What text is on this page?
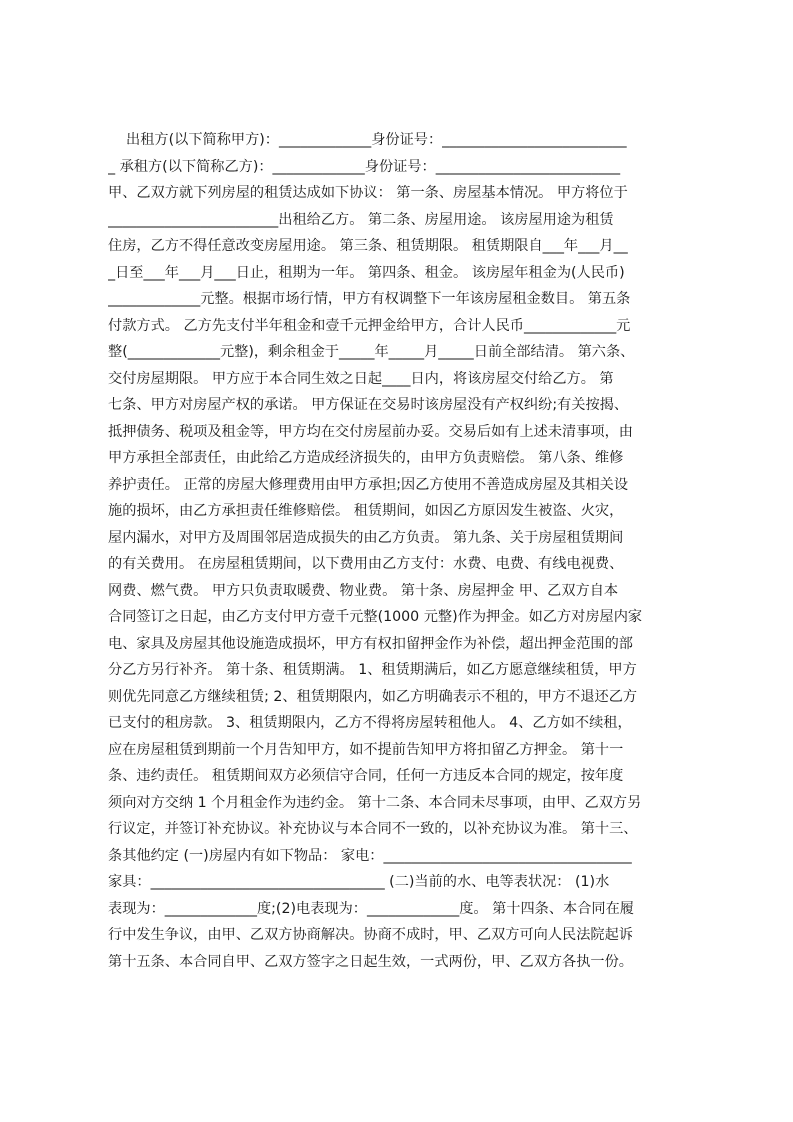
出租方(以下简称甲方)：_____________身份证号：__________________________
_ 承租方(以下简称乙方)：_____________身份证号：__________________________
甲、乙双方就下列房屋的租赁达成如下协议： 第一条、房屋基本情况。 甲方将位于
________________________出租给乙方。 第二条、房屋用途。 该房屋用途为租赁
住房，乙方不得任意改变房屋用途。 第三条、租赁期限。 租赁期限自___年___月__
_日至___年___月___日止，租期为一年。 第四条、租金。 该房屋年租金为(人民币)
_____________元整。根据市场行情，甲方有权调整下一年该房屋租金数目。 第五条
付款方式。 乙方先支付半年租金和壹千元押金给甲方，合计人民币_____________元
整(_____________元整)，剩余租金于_____年_____月_____日前全部结清。 第六条、
交付房屋期限。 甲方应于本合同生效之日起____日内，将该房屋交付给乙方。 第
七条、甲方对房屋产权的承诺。 甲方保证在交易时该房屋没有产权纠纷;有关按揭、
抵押债务、税项及租金等，甲方均在交付房屋前办妥。交易后如有上述未清事项，由
甲方承担全部责任，由此给乙方造成经济损失的，由甲方负责赔偿。 第八条、维修
养护责任。 正常的房屋大修理费用由甲方承担;因乙方使用不善造成房屋及其相关设
施的损坏，由乙方承担责任维修赔偿。 租赁期间，如因乙方原因发生被盗、火灾，
屋内漏水，对甲方及周围邻居造成损失的由乙方负责。 第九条、关于房屋租赁期间
的有关费用。 在房屋租赁期间，以下费用由乙方支付：水费、电费、有线电视费、
网费、燃气费。 甲方只负责取暖费、物业费。 第十条、房屋押金 甲、乙双方自本
合同签订之日起，由乙方支付甲方壹千元整(1000 元整)作为押金。如乙方对房屋内家
电、家具及房屋其他设施造成损坏，甲方有权扣留押金作为补偿，超出押金范围的部
分乙方另行补齐。 第十条、租赁期满。 1、租赁期满后，如乙方愿意继续租赁，甲方
则优先同意乙方继续租赁; 2、租赁期限内，如乙方明确表示不租的，甲方不退还乙方
已支付的租房款。 3、租赁期限内，乙方不得将房屋转租他人。 4、乙方如不续租，
应在房屋租赁到期前一个月告知甲方，如不提前告知甲方将扣留乙方押金。 第十一
条、违约责任。 租赁期间双方必须信守合同，任何一方违反本合同的规定，按年度
须向对方交纳 1 个月租金作为违约金。 第十二条、本合同未尽事项，由甲、乙双方另
行议定，并签订补充协议。补充协议与本合同不一致的，以补充协议为准。 第十三、
条其他约定 (一)房屋内有如下物品： 家电：___________________________________
家具：_________________________________ (二)当前的水、电等表状况： (1)水
表现为：_____________度;(2)电表现为：_____________度。 第十四条、本合同在履
行中发生争议，由甲、乙双方协商解决。协商不成时，甲、乙双方可向人民法院起诉
第十五条、本合同自甲、乙双方签字之日起生效，一式两份，甲、乙双方各执一份。
